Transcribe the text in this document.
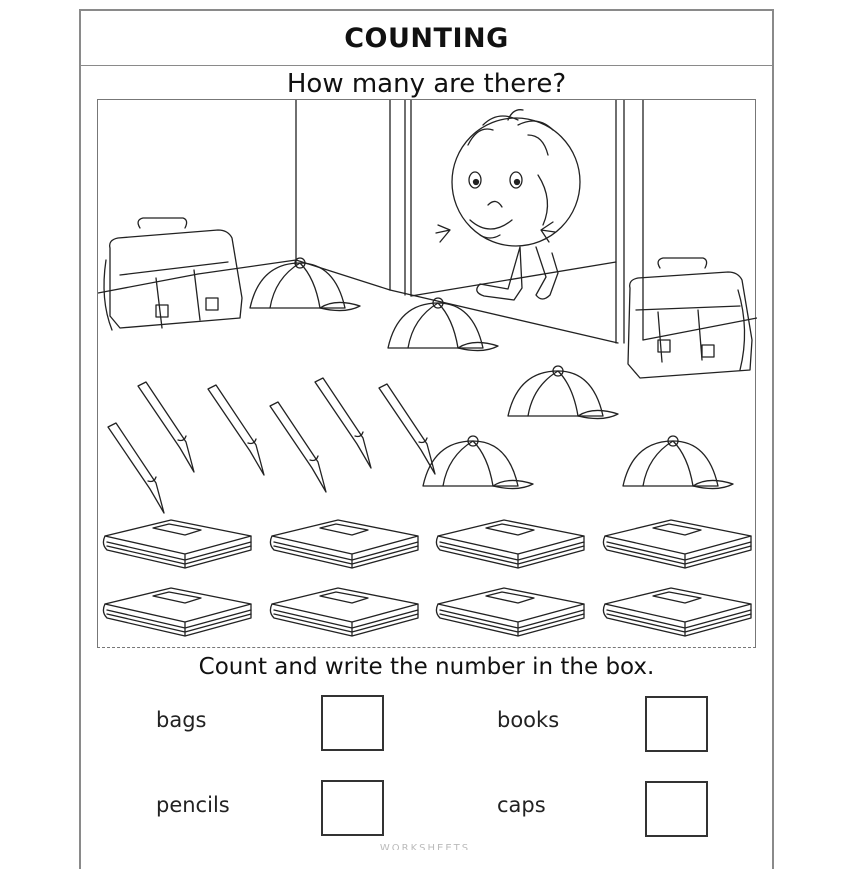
COUNTING
How many are there?
Count and write the number in the box.
bags	books
pencils	caps
WORKSHEETS
